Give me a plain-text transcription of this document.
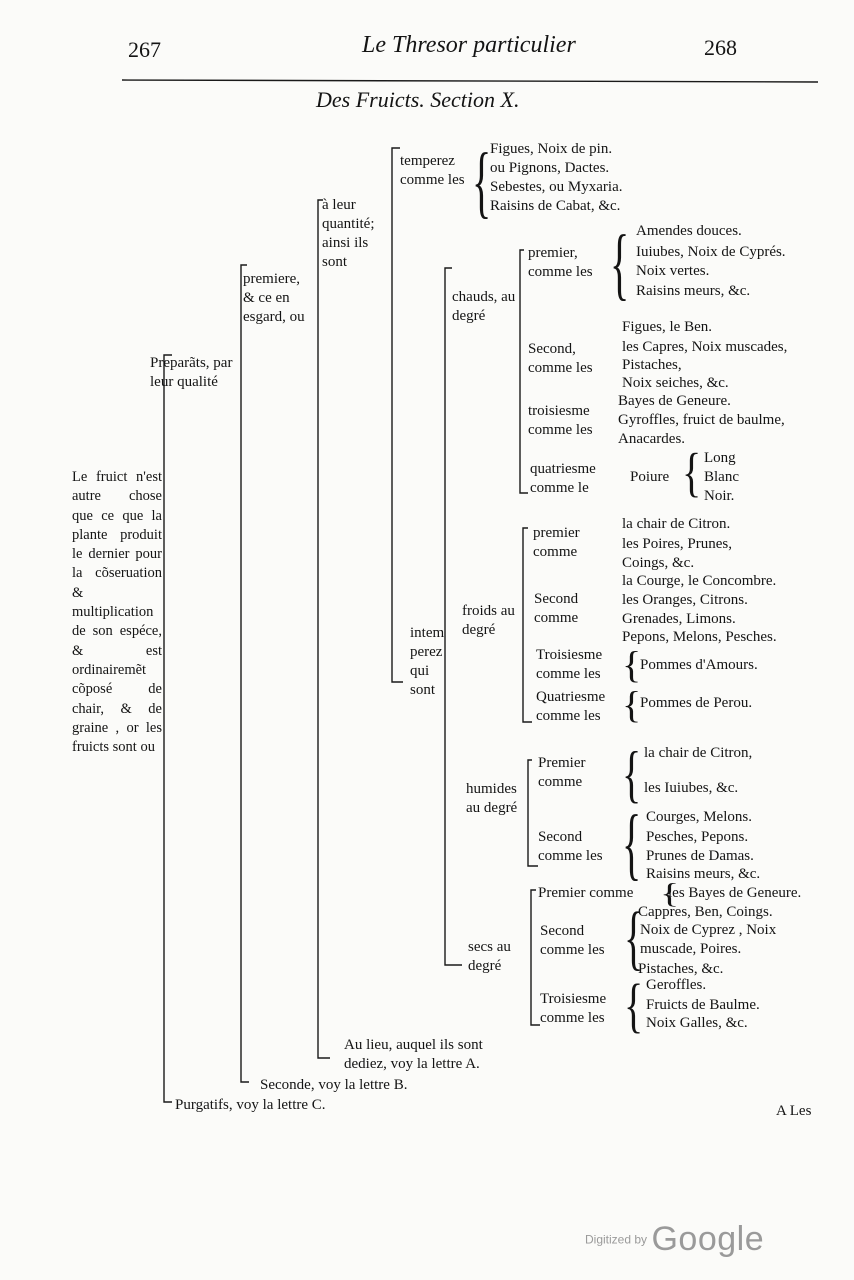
267	Le Thresor particulier	268
Des Fruicts. Section X.
Le fruict n'est autre chose que ce que la plante produit le dernier pour la cõseruation & multiplication de son espéce, & est ordinairemẽt cõposé de chair, & de graine , or les fruicts sont ou
Preparãts, par leur qualité
Purgatifs, voy la lettre C.
premiere, & ce en esgard, ou
Seconde, voy la lettre B.
à leur quantité; ainsi ils sont
Au lieu, auquel ils sont dediez, voy la lettre A.
temperez comme les {
Figues, Noix de pin.
ou Pignons, Dactes.
Sebestes, ou Myxaria.
Raisins de Cabat, &c.
intem perez qui sont
chauds, au degré
premier, comme les { Amendes douces.
Iuiubes, Noix de Cyprés.
Noix vertes.
Raisins meurs, &c.
Second, comme les
Figues, le Ben.
les Capres, Noix muscades,
Pistaches,
Noix seiches, &c.
troisiesme comme les
Bayes de Geneure.
Gyroffles, fruict de baulme,
Anacardes.
quatriesme comme le
Poiure { Long
Blanc
Noir.
froids au degré
premier comme
la chair de Citron.
les Poires, Prunes,
Coings, &c.
Second comme
la Courge, le Concombre.
les Oranges, Citrons.
Grenades, Limons.
Pepons, Melons, Pesches.
Troisiesme comme les {
Pommes d'Amours.
Quatriesme comme les {
Pommes de Perou.
humides au degré
Premier comme { la chair de Citron,
les Iuiubes, &c.
Second comme les { Courges, Melons.
Pesches, Pepons.
Prunes de Damas.
Raisins meurs, &c.
secs au degré
Premier comme {
les Bayes de Geneure.
Second comme les {
Cappres, Ben, Coings.
Noix de Cyprez , Noix muscade, Poires.
Pistaches, &c.
Troisiesme comme les { Geroffles.
Fruicts de Baulme.
Noix Galles, &c.
A Les
Digitized by Google
